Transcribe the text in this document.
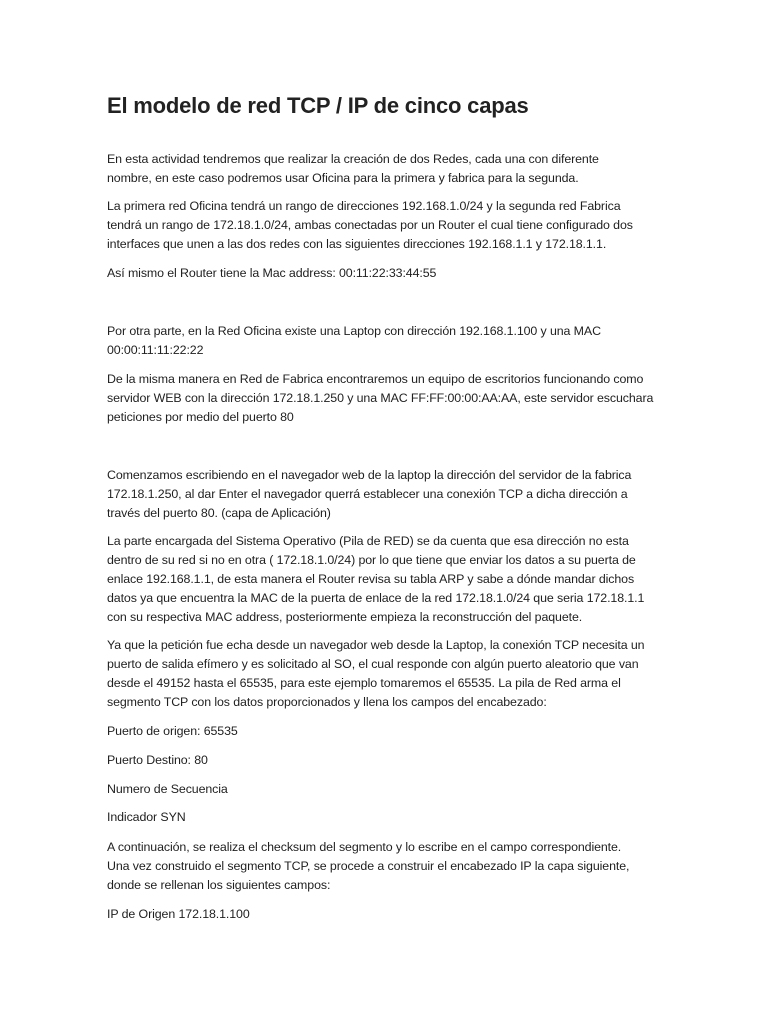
El modelo de red TCP / IP de cinco capas

En esta actividad tendremos que realizar la creación de dos Redes, cada una con diferente
nombre, en este caso podremos usar Oficina para la primera y fabrica para la segunda.

La primera red Oficina tendrá un rango de direcciones 192.168.1.0/24 y la segunda red Fabrica
tendrá un rango de 172.18.1.0/24, ambas conectadas por un Router el cual tiene configurado dos
interfaces que unen a las dos redes con las siguientes direcciones 192.168.1.1 y 172.18.1.1.

Así mismo el Router tiene la Mac address: 00:11:22:33:44:55

Por otra parte, en la Red Oficina existe una Laptop con dirección 192.168.1.100 y una MAC
00:00:11:11:22:22

De la misma manera en Red de Fabrica encontraremos un equipo de escritorios funcionando como
servidor WEB con la dirección 172.18.1.250 y una MAC FF:FF:00:00:AA:AA, este servidor escuchara
peticiones por medio del puerto 80

Comenzamos escribiendo en el navegador web de la laptop la dirección del servidor de la fabrica
172.18.1.250, al dar Enter el navegador querrá establecer una conexión TCP a dicha dirección a
través del puerto 80. (capa de Aplicación)

La parte encargada del Sistema Operativo (Pila de RED) se da cuenta que esa dirección no esta
dentro de su red si no en otra ( 172.18.1.0/24) por lo que tiene que enviar los datos a su puerta de
enlace 192.168.1.1, de esta manera el Router revisa su tabla ARP y sabe a dónde mandar dichos
datos ya que encuentra la MAC de la puerta de enlace de la red 172.18.1.0/24 que seria 172.18.1.1
con su respectiva MAC address, posteriormente empieza la reconstrucción del paquete.

Ya que la petición fue echa desde un navegador web desde la Laptop, la conexión TCP necesita un
puerto de salida efímero y es solicitado al SO, el cual responde con algún puerto aleatorio que van
desde el 49152 hasta el 65535, para este ejemplo tomaremos el 65535. La pila de Red arma el
segmento TCP con los datos proporcionados y llena los campos del encabezado:

Puerto de origen: 65535

Puerto Destino: 80

Numero de Secuencia

Indicador SYN

A continuación, se realiza el checksum del segmento y lo escribe en el campo correspondiente.
Una vez construido el segmento TCP, se procede a construir el encabezado IP la capa siguiente,
donde se rellenan los siguientes campos:

IP de Origen 172.18.1.100
